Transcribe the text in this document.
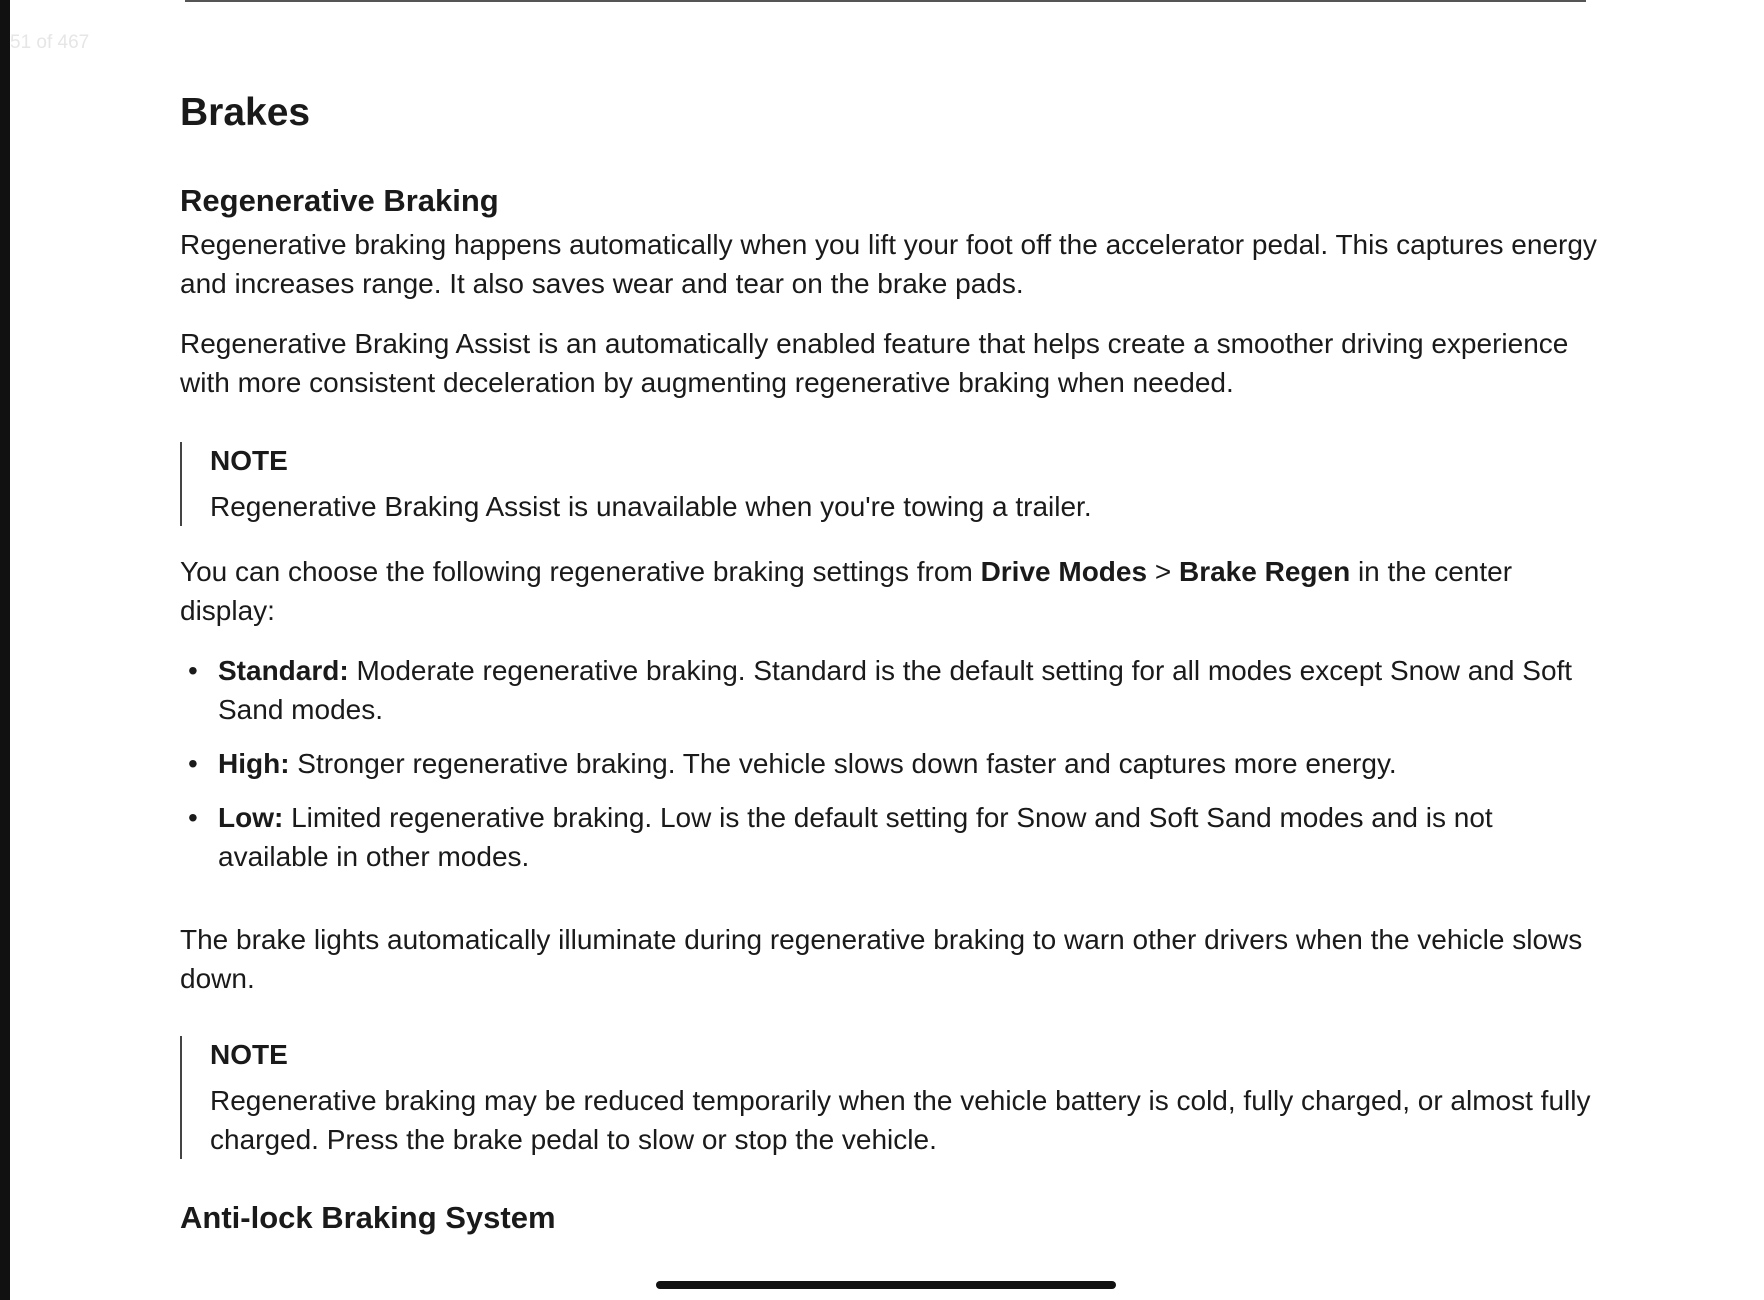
51 of 467
Brakes
Regenerative Braking

Regenerative braking happens automatically when you lift your foot off the accelerator pedal. This captures energy and increases range. It also saves wear and tear on the brake pads.

Regenerative Braking Assist is an automatically enabled feature that helps create a smoother driving experience with more consistent deceleration by augmenting regenerative braking when needed.

NOTE

Regenerative Braking Assist is unavailable when you're towing a trailer.

You can choose the following regenerative braking settings from Drive Modes > Brake Regen in the center display:

• Standard: Moderate regenerative braking. Standard is the default setting for all modes except Snow and Soft Sand modes.
• High: Stronger regenerative braking. The vehicle slows down faster and captures more energy.
• Low: Limited regenerative braking. Low is the default setting for Snow and Soft Sand modes and is not available in other modes.

The brake lights automatically illuminate during regenerative braking to warn other drivers when the vehicle slows down.

NOTE

Regenerative braking may be reduced temporarily when the vehicle battery is cold, fully charged, or almost fully charged. Press the brake pedal to slow or stop the vehicle.

Anti-lock Braking System
